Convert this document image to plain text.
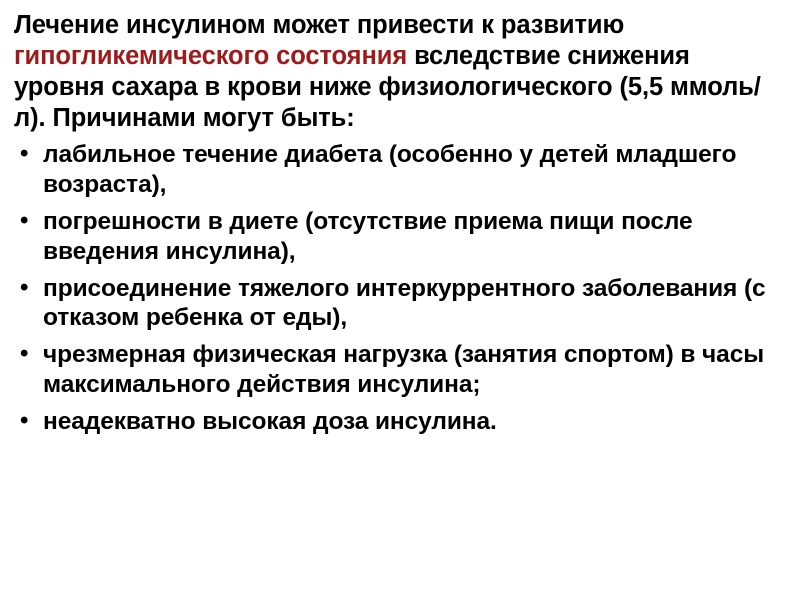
Лечение инсулином может привести к развитию гипогликемического состояния вследствие снижения уровня сахара в крови ниже физиологического (5,5 ммоль/л). Причинами могут быть:

• лабильное течение диабета (особенно у детей младшего возраста),
• погрешности в диете (отсутствие приема пищи после введения инсулина),
• присоединение тяжелого интеркуррентного заболевания (с отказом ребенка от еды),
• чрезмерная физическая нагрузка (занятия спортом) в часы максимального действия инсулина;
• неадекватно высокая доза инсулина.
